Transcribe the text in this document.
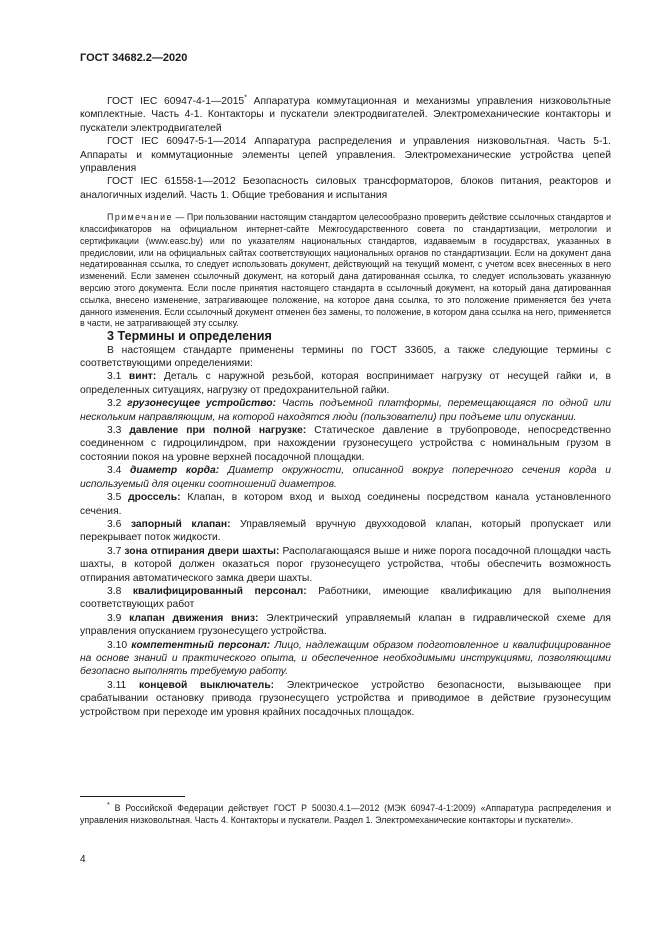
ГОСТ 34682.2—2020

ГОСТ IEC 60947-4-1—2015* Аппаратура коммутационная и механизмы управления низковольтные комплектные. Часть 4-1. Контакторы и пускатели электродвигателей. Электромеханические контакторы и пускатели электродвигателей

ГОСТ IEC 60947-5-1—2014 Аппаратура распределения и управления низковольтная. Часть 5-1. Аппараты и коммутационные элементы цепей управления. Электромеханические устройства цепей управления

ГОСТ IEC 61558-1—2012 Безопасность силовых трансформаторов, блоков питания, реакторов и аналогичных изделий. Часть 1. Общие требования и испытания

Примечание — При пользовании настоящим стандартом целесообразно проверить действие ссылочных стандартов и классификаторов на официальном интернет-сайте Межгосударственного совета по стандартизации, метрологии и сертификации (www.easc.by) или по указателям национальных стандартов, издаваемым в государствах, указанных в предисловии, или на официальных сайтах соответствующих национальных органов по стандартизации. Если на документ дана недатированная ссылка, то следует использовать документ, действующий на текущий момент, с учетом всех внесенных в него изменений. Если заменен ссылочный документ, на который дана датированная ссылка, то следует использовать указанную версию этого документа. Если после принятия настоящего стандарта в ссылочный документ, на который дана датированная ссылка, внесено изменение, затрагивающее положение, на которое дана ссылка, то это положение применяется без учета данного изменения. Если ссылочный документ отменен без замены, то положение, в котором дана ссылка на него, применяется в части, не затрагивающей эту ссылку.

3 Термины и определения

В настоящем стандарте применены термины по ГОСТ 33605, а также следующие термины с соответствующими определениями:

3.1 винт: Деталь с наружной резьбой, которая воспринимает нагрузку от несущей гайки и, в определенных ситуациях, нагрузку от предохранительной гайки.

3.2 грузонесущее устройство: Часть подъемной платформы, перемещающаяся по одной или нескольким направляющим, на которой находятся люди (пользователи) при подъеме или опускании.

3.3 давление при полной нагрузке: Статическое давление в трубопроводе, непосредственно соединенном с гидроцилиндром, при нахождении грузонесущего устройства с номинальным грузом в состоянии покоя на уровне верхней посадочной площадки.

3.4 диаметр корда: Диаметр окружности, описанной вокруг поперечного сечения корда и используемый для оценки соотношений диаметров.

3.5 дроссель: Клапан, в котором вход и выход соединены посредством канала установленного сечения.

3.6 запорный клапан: Управляемый вручную двухходовой клапан, который пропускает или перекрывает поток жидкости.

3.7 зона отпирания двери шахты: Располагающаяся выше и ниже порога посадочной площадки часть шахты, в которой должен оказаться порог грузонесущего устройства, чтобы обеспечить возможность отпирания автоматического замка двери шахты.

3.8 квалифицированный персонал: Работники, имеющие квалификацию для выполнения соответствующих работ

3.9 клапан движения вниз: Электрический управляемый клапан в гидравлической схеме для управления опусканием грузонесущего устройства.

3.10 компетентный персонал: Лицо, надлежащим образом подготовленное и квалифицированное на основе знаний и практического опыта, и обеспеченное необходимыми инструкциями, позволяющими безопасно выполнять требуемую работу.

3.11 концевой выключатель: Электрическое устройство безопасности, вызывающее при срабатывании остановку привода грузонесущего устройства и приводимое в действие грузонесущим устройством при переходе им уровня крайних посадочных площадок.

* В Российской Федерации действует ГОСТ Р 50030.4.1—2012 (МЭК 60947-4-1:2009) «Аппаратура распределения и управления низковольтная. Часть 4. Контакторы и пускатели. Раздел 1. Электромеханические контакторы и пускатели».
4
